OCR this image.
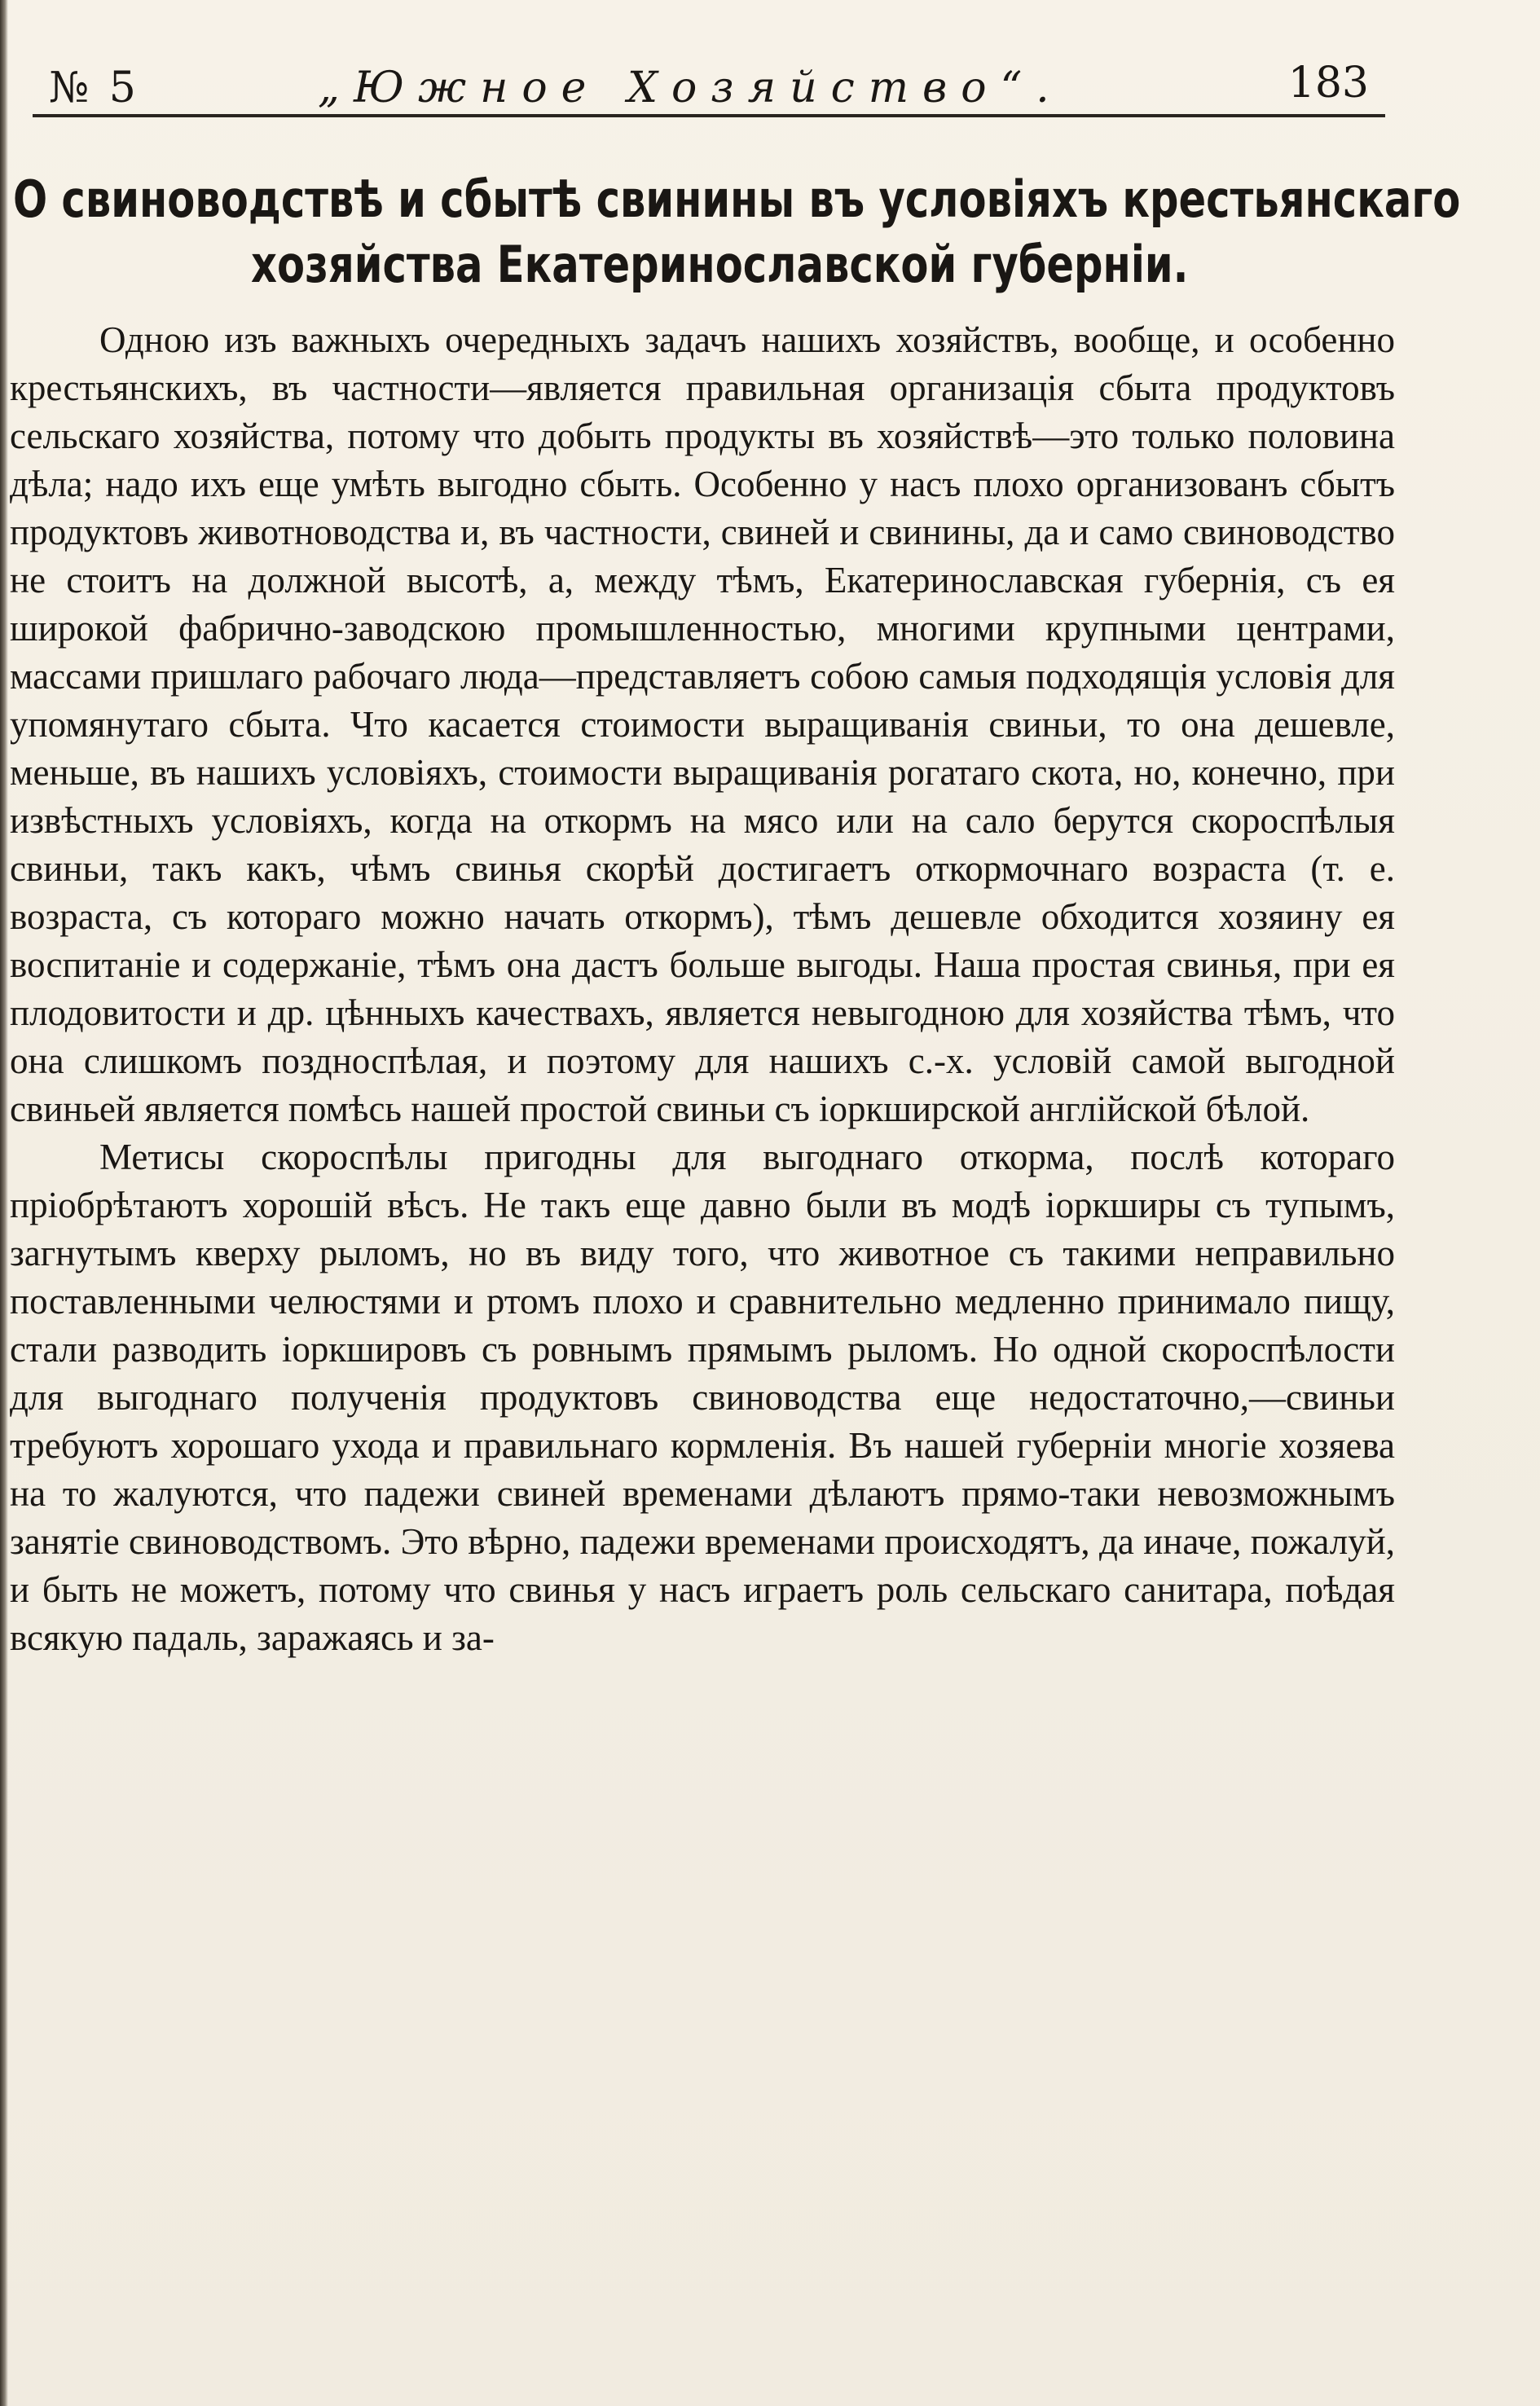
№ 5	„Южное Хозяйство“.	183
О свиноводствѣ и сбытѣ свинины въ условіяхъ крестьянскаго
хозяйства Екатеринославской губерніи.

Одною изъ важныхъ очередныхъ задачъ нашихъ хозяйствъ, вообще, и особенно крестьянскихъ, въ частности—является правильная организація сбыта продуктовъ сельскаго хозяйства, потому что добыть продукты въ хозяйствѣ—это только половина дѣла; надо ихъ еще умѣть выгодно сбыть. Особенно у насъ плохо организованъ сбытъ продуктовъ животноводства и, въ частности, свиней и свинины, да и само свиноводство не стоитъ на должной высотѣ, а, между тѣмъ, Екатеринославская губернія, съ ея широкой фабрично-заводскою промышленностью, многими крупными центрами, массами пришлаго рабочаго люда—представляетъ собою самыя подходящія условія для упомянутаго сбыта. Что касается стоимости выращиванія свиньи, то она дешевле, меньше, въ нашихъ условіяхъ, стоимости выращиванія рогатаго скота, но, конечно, при извѣстныхъ условіяхъ, когда на откормъ на мясо или на сало берутся скороспѣлыя свиньи, такъ какъ, чѣмъ свинья скорѣй достигаетъ откормочнаго возраста (т. е. возраста, съ котораго можно начать откормъ), тѣмъ дешевле обходится хозяину ея воспитаніе и содержаніе, тѣмъ она дастъ больше выгоды. Наша простая свинья, при ея плодовитости и др. цѣнныхъ качествахъ, является невыгодною для хозяйства тѣмъ, что она слишкомъ поздноспѣлая, и поэтому для нашихъ с.-х. условій самой выгодной свиньей является помѣсь нашей простой свиньи съ іоркширской англійской бѣлой.

Метисы скороспѣлы пригодны для выгоднаго откорма, послѣ котораго пріобрѣтаютъ хорошій вѣсъ. Не такъ еще давно были въ модѣ іоркширы съ тупымъ, загнутымъ кверху рыломъ, но въ виду того, что животное съ такими неправильно поставленными челюстями и ртомъ плохо и сравнительно медленно принимало пищу, стали разводить іоркшировъ съ ровнымъ прямымъ рыломъ. Но одной скороспѣлости для выгоднаго полученія продуктовъ свиноводства еще недостаточно,—свиньи требуютъ хорошаго ухода и правильнаго кормленія. Въ нашей губерніи многіе хозяева на то жалуются, что падежи свиней временами дѣлаютъ прямо-таки невозможнымъ занятіе свиноводствомъ. Это вѣрно, падежи временами происходятъ, да иначе, пожалуй, и быть не можетъ, потому что свинья у насъ играетъ роль сельскаго санитара, поѣдая всякую падаль, заражаясь и за-
